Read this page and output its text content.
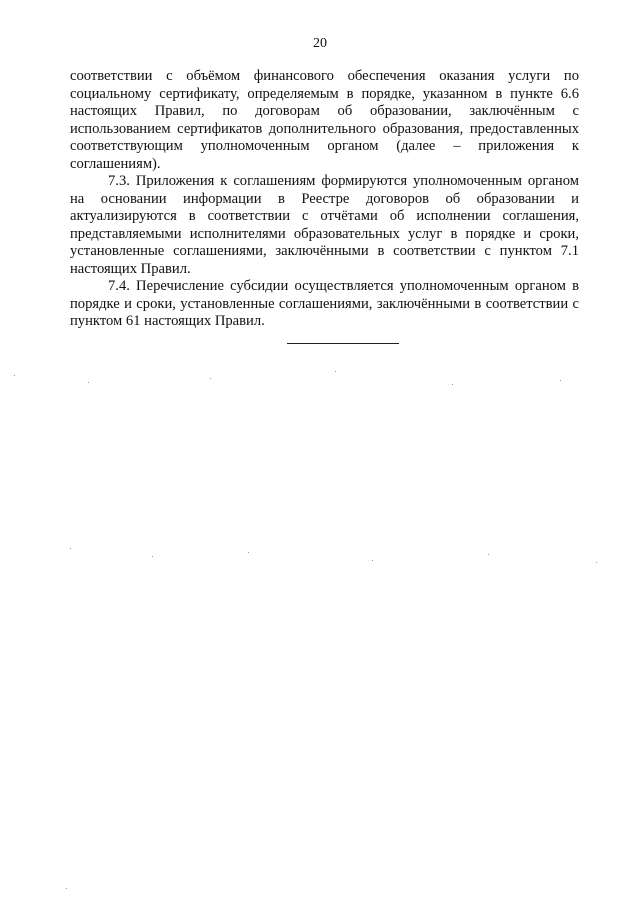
20

соответствии с объёмом финансового обеспечения оказания услуги по социальному сертификату, определяемым в порядке, указанном в пункте 6.6 настоящих Правил, по договорам об образовании, заключённым с использованием сертификатов дополнительного образования, предоставленных соответствующим уполномоченным органом (далее – приложения к соглашениям).

7.3. Приложения к соглашениям формируются уполномоченным органом на основании информации в Реестре договоров об образовании и актуализируются в соответствии с отчётами об исполнении соглашения, представляемыми исполнителями образовательных услуг в порядке и сроки, установленные соглашениями, заключёнными в соответствии с пунктом 7.1 настоящих Правил.

7.4. Перечисление субсидии осуществляется уполномоченным органом в порядке и сроки, установленные соглашениями, заключёнными в соответствии с пунктом 61 настоящих Правил.
